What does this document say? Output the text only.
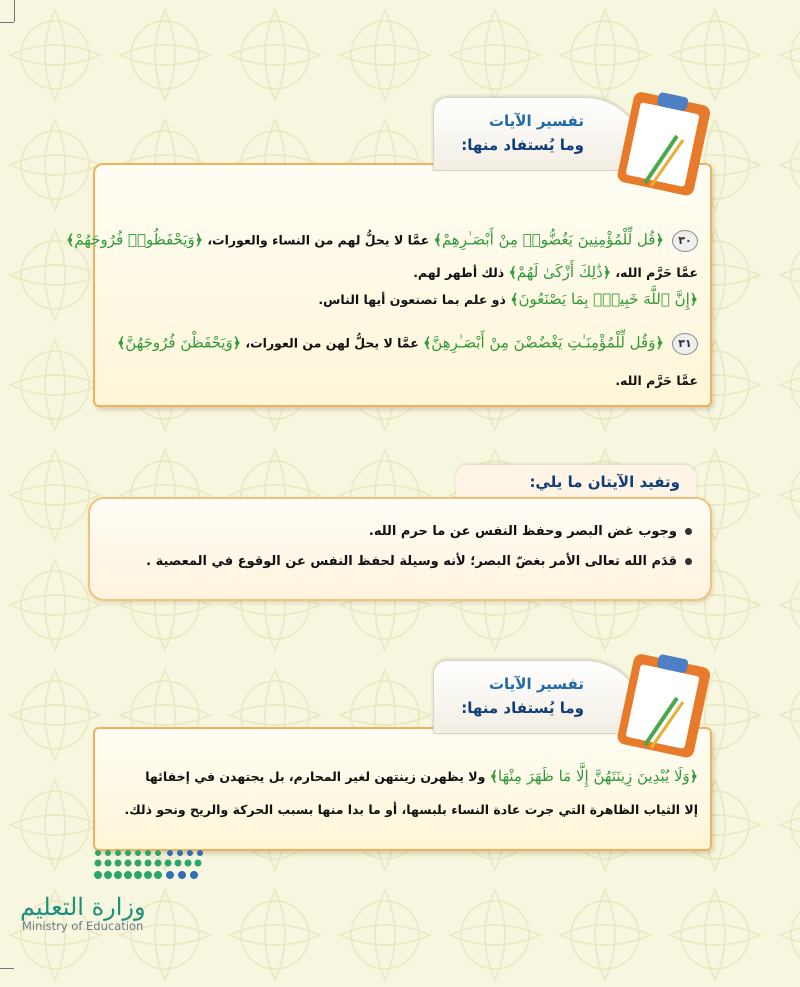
٣٠ ﴿قُل لِّلْمُؤْمِنِينَ يَغُضُّوا۟ مِنْ أَبْصَـٰرِهِمْ﴾ عمَّا لا يحلُّ لهم من النساء والعورات، ﴿وَيَحْفَظُوا۟ فُرُوجَهُمْ﴾
عمَّا حَرَّم الله، ﴿ذَٰلِكَ أَزْكَىٰ لَهُمْ﴾ ذلك أطهر لهم.
﴿إِنَّ ٱللَّهَ خَبِيرٌۢ بِمَا يَصْنَعُونَ﴾ ذو علم بما تصنعون أيها الناس.
٣١ ﴿وَقُل لِّلْمُؤْمِنَـٰتِ يَغْضُضْنَ مِنْ أَبْصَـٰرِهِنَّ﴾ عمَّا لا يحلُّ لهن من العورات، ﴿وَيَحْفَظْنَ فُرُوجَهُنَّ﴾
عمَّا حَرَّم الله.
تفسير الآيات
وما يُستفاد منها:
وتفيد الآيتان ما يلي:
وجوب غض البصر وحفظ النفس عن ما حرم الله.
قدَم الله تعالى الأمر بغضّ البصر؛ لأنه وسيلة لحفظ النفس عن الوقوع في المعصية .
﴿وَلَا يُبْدِينَ زِينَتَهُنَّ إِلَّا مَا ظَهَرَ مِنْهَا﴾ ولا يظهرن زينتهن لغير المحارم، بل يجتهدن في إخفائها
إلا الثياب الظاهرة التي جرت عادة النساء بلبسها، أو ما بدا منها بسبب الحركة والريح ونحو ذلك.
تفسير الآيات
وما يُستفاد منها:
وزارة التعليم
Ministry of Education
